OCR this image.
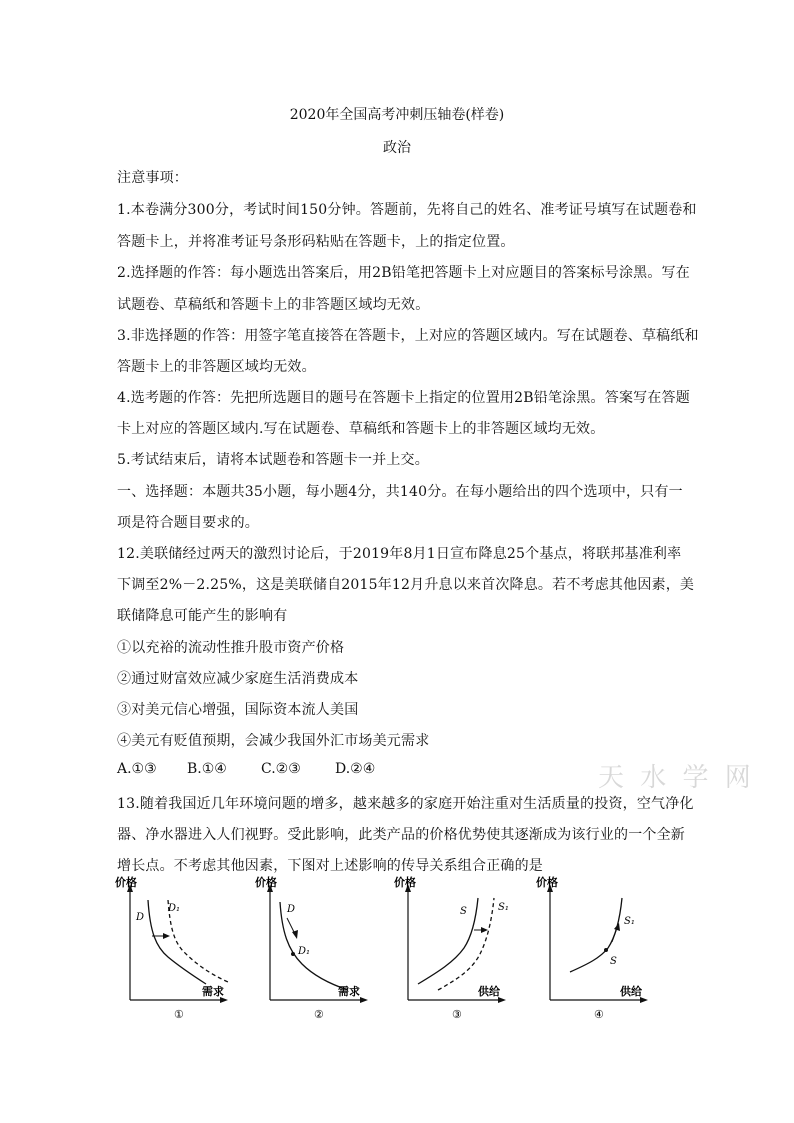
2020年全国高考冲刺压轴卷(样卷)
政治
注意事项：
1.本卷满分300分，考试时间150分钟。答题前，先将自己的姓名、准考证号填写在试题卷和
答题卡上，并将准考证号条形码粘贴在答题卡，上的指定位置。
2.选择题的作答：每小题选出答案后，用2B铅笔把答题卡上对应题目的答案标号涂黑。写在
试题卷、草稿纸和答题卡上的非答题区域均无效。
3.非选择题的作答：用签字笔直接答在答题卡，上对应的答题区域内。写在试题卷、草稿纸和
答题卡上的非答题区域均无效。
4.选考题的作答：先把所选题目的题号在答题卡上指定的位置用2B铅笔涂黑。答案写在答题
卡上对应的答题区域内.写在试题卷、草稿纸和答题卡上的非答题区域均无效。
5.考试结束后，请将本试题卷和答题卡一并上交。
一、选择题：本题共35小题，每小题4分，共140分。在每小题给出的四个选项中，只有一
项是符合题目要求的。
12.美联储经过两天的激烈讨论后，于2019年8月1日宣布降息25个基点，将联邦基准利率
下调至2%－2.25%，这是美联储自2015年12月升息以来首次降息。若不考虑其他因素，美
联储降息可能产生的影响有
①以充裕的流动性推升股市资产价格
②通过财富效应减少家庭生活消费成本
③对美元信心增强，国际资本流人美国
④美元有贬值预期，会减少我国外汇市场美元需求
A.①③ B.①④ C.②③ D.②④	天 水 学 网
13.随着我国近几年环境问题的增多，越来越多的家庭开始注重对生活质量的投资，空气净化
器、净水器进入人们视野。受此影响，此类产品的价格优势使其逐渐成为该行业的一个全新
增长点。不考虑其他因素，下图对上述影响的传导关系组合正确的是
价格
D
D₁
需求
①
价格
D
D₁
需求
②
价格
S	S₁
供给
③
价格
S
S₁
供给
④
